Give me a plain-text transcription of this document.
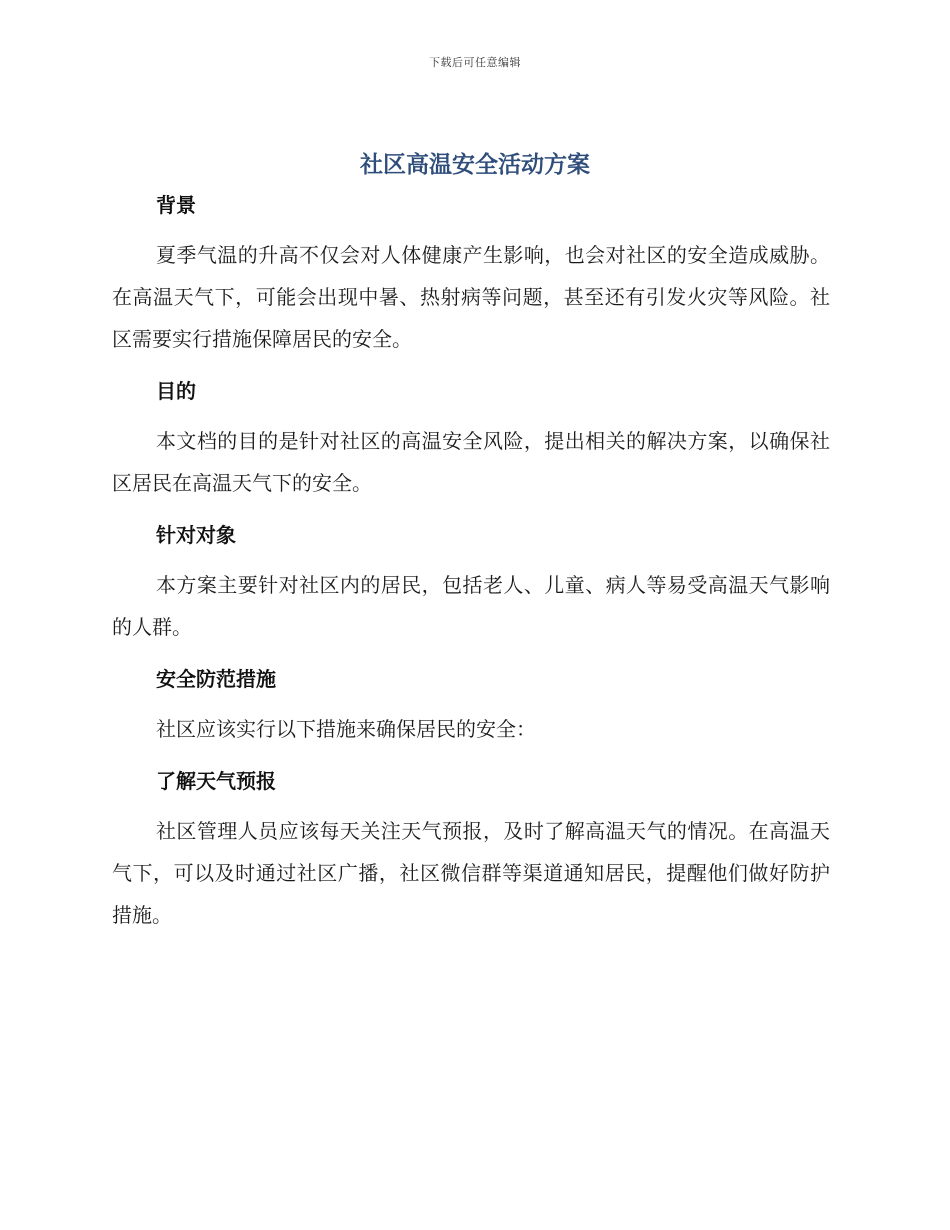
下载后可任意编辑
社区高温安全活动方案
背景

夏季气温的升高不仅会对人体健康产生影响，也会对社区的安全造成威胁。在高温天气下，可能会出现中暑、热射病等问题，甚至还有引发火灾等风险。社区需要实行措施保障居民的安全。

目的

本文档的目的是针对社区的高温安全风险，提出相关的解决方案，以确保社区居民在高温天气下的安全。

针对对象

本方案主要针对社区内的居民，包括老人、儿童、病人等易受高温天气影响的人群。

安全防范措施

社区应该实行以下措施来确保居民的安全：

了解天气预报

社区管理人员应该每天关注天气预报，及时了解高温天气的情况。在高温天气下，可以及时通过社区广播，社区微信群等渠道通知居民，提醒他们做好防护措施。
